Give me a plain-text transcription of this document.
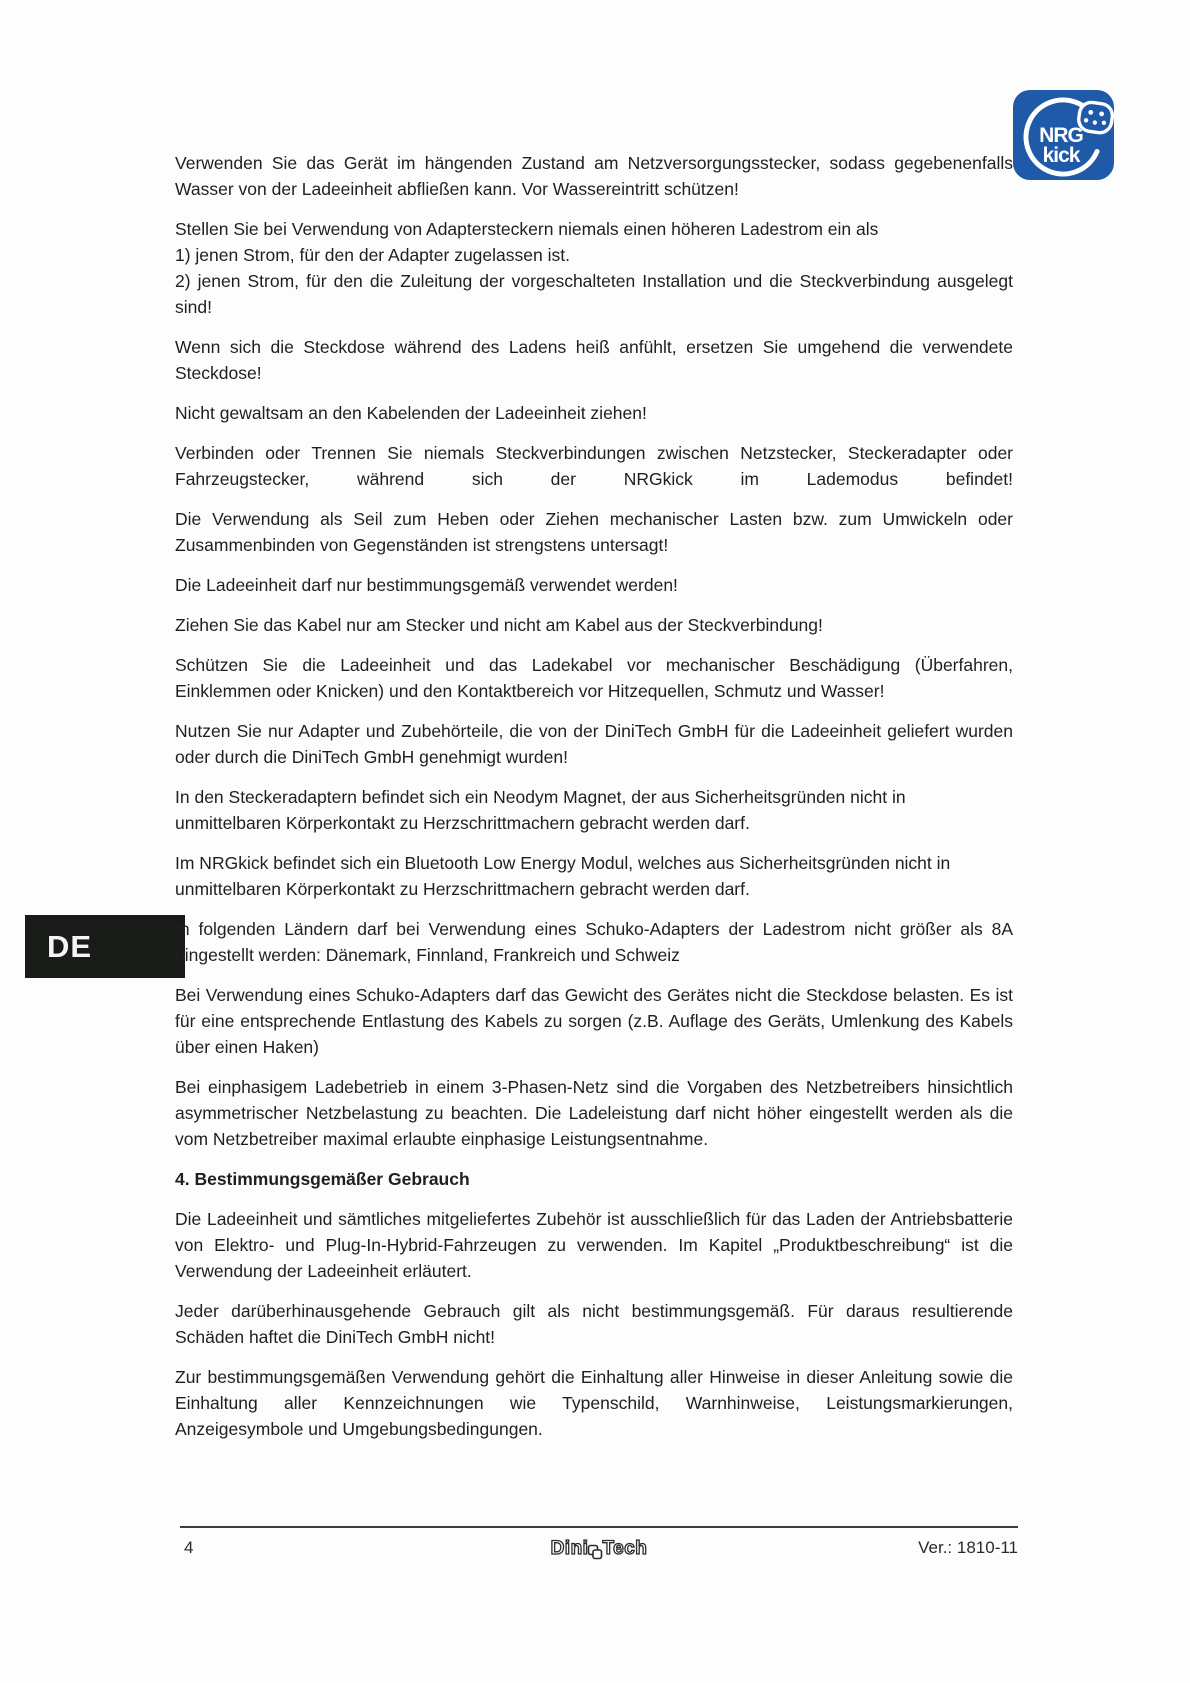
NRG
kick
DE

Verwenden Sie das Gerät im hängenden Zustand am Netzversorgungsstecker, sodass gegebenenfalls Wasser von der Ladeeinheit abfließen kann. Vor Wassereintritt schützen!

Stellen Sie bei Verwendung von Adaptersteckern niemals einen höheren Ladestrom ein als
1) jenen Strom, für den der Adapter zugelassen ist.
2) jenen Strom, für den die Zuleitung der vorgeschalteten Installation und die Steckverbindung ausgelegt sind!

Wenn sich die Steckdose während des Ladens heiß anfühlt, ersetzen Sie umgehend die verwendete Steckdose!

Nicht gewaltsam an den Kabelenden der Ladeeinheit ziehen!

Verbinden oder Trennen Sie niemals Steckverbindungen zwischen Netzstecker, Steckeradapter oder Fahrzeugstecker, während sich der NRGkick im Lademodus befindet!

Die Verwendung als Seil zum Heben oder Ziehen mechanischer Lasten bzw. zum Umwickeln oder Zusammenbinden von Gegenständen ist strengstens untersagt!

Die Ladeeinheit darf nur bestimmungsgemäß verwendet werden!

Ziehen Sie das Kabel nur am Stecker und nicht am Kabel aus der Steckverbindung!

Schützen Sie die Ladeeinheit und das Ladekabel vor mechanischer Beschädigung (Überfahren, Einklemmen oder Knicken) und den Kontaktbereich vor Hitzequellen, Schmutz und Wasser!

Nutzen Sie nur Adapter und Zubehörteile, die von der DiniTech GmbH für die Ladeeinheit geliefert wurden oder durch die DiniTech GmbH genehmigt wurden!

In den Steckeradaptern befindet sich ein Neodym Magnet, der aus Sicherheitsgründen nicht in
unmittelbaren Körperkontakt zu Herzschrittmachern gebracht werden darf.

Im NRGkick befindet sich ein Bluetooth Low Energy Modul, welches aus Sicherheitsgründen nicht in
unmittelbaren Körperkontakt zu Herzschrittmachern gebracht werden darf.

In folgenden Ländern darf bei Verwendung eines Schuko-Adapters der Ladestrom nicht größer als 8A eingestellt werden: Dänemark, Finnland, Frankreich und Schweiz

Bei Verwendung eines Schuko-Adapters darf das Gewicht des Gerätes nicht die Steckdose belasten. Es ist für eine entsprechende Entlastung des Kabels zu sorgen (z.B. Auflage des Geräts, Umlenkung des Kabels über einen Haken)

Bei einphasigem Ladebetrieb in einem 3-Phasen-Netz sind die Vorgaben des Netzbetreibers hinsichtlich asymmetrischer Netzbelastung zu beachten. Die Ladeleistung darf nicht höher eingestellt werden als die vom Netzbetreiber maximal erlaubte einphasige Leistungsentnahme.

4. Bestimmungsgemäßer Gebrauch

Die Ladeeinheit und sämtliches mitgeliefertes Zubehör ist ausschließlich für das Laden der Antriebsbatterie von Elektro- und Plug-In-Hybrid-Fahrzeugen zu verwenden. Im Kapitel „Produktbeschreibung“ ist die Verwendung der Ladeeinheit erläutert.

Jeder darüberhinausgehende Gebrauch gilt als nicht bestimmungsgemäß. Für daraus resultierende Schäden haftet die DiniTech GmbH nicht!

Zur bestimmungsgemäßen Verwendung gehört die Einhaltung aller Hinweise in dieser Anleitung sowie die Einhaltung aller Kennzeichnungen wie Typenschild, Warnhinweise, Leistungsmarkierungen, Anzeigesymbole und Umgebungsbedingungen.

4	Dini Tech	Ver.: 1810-11
